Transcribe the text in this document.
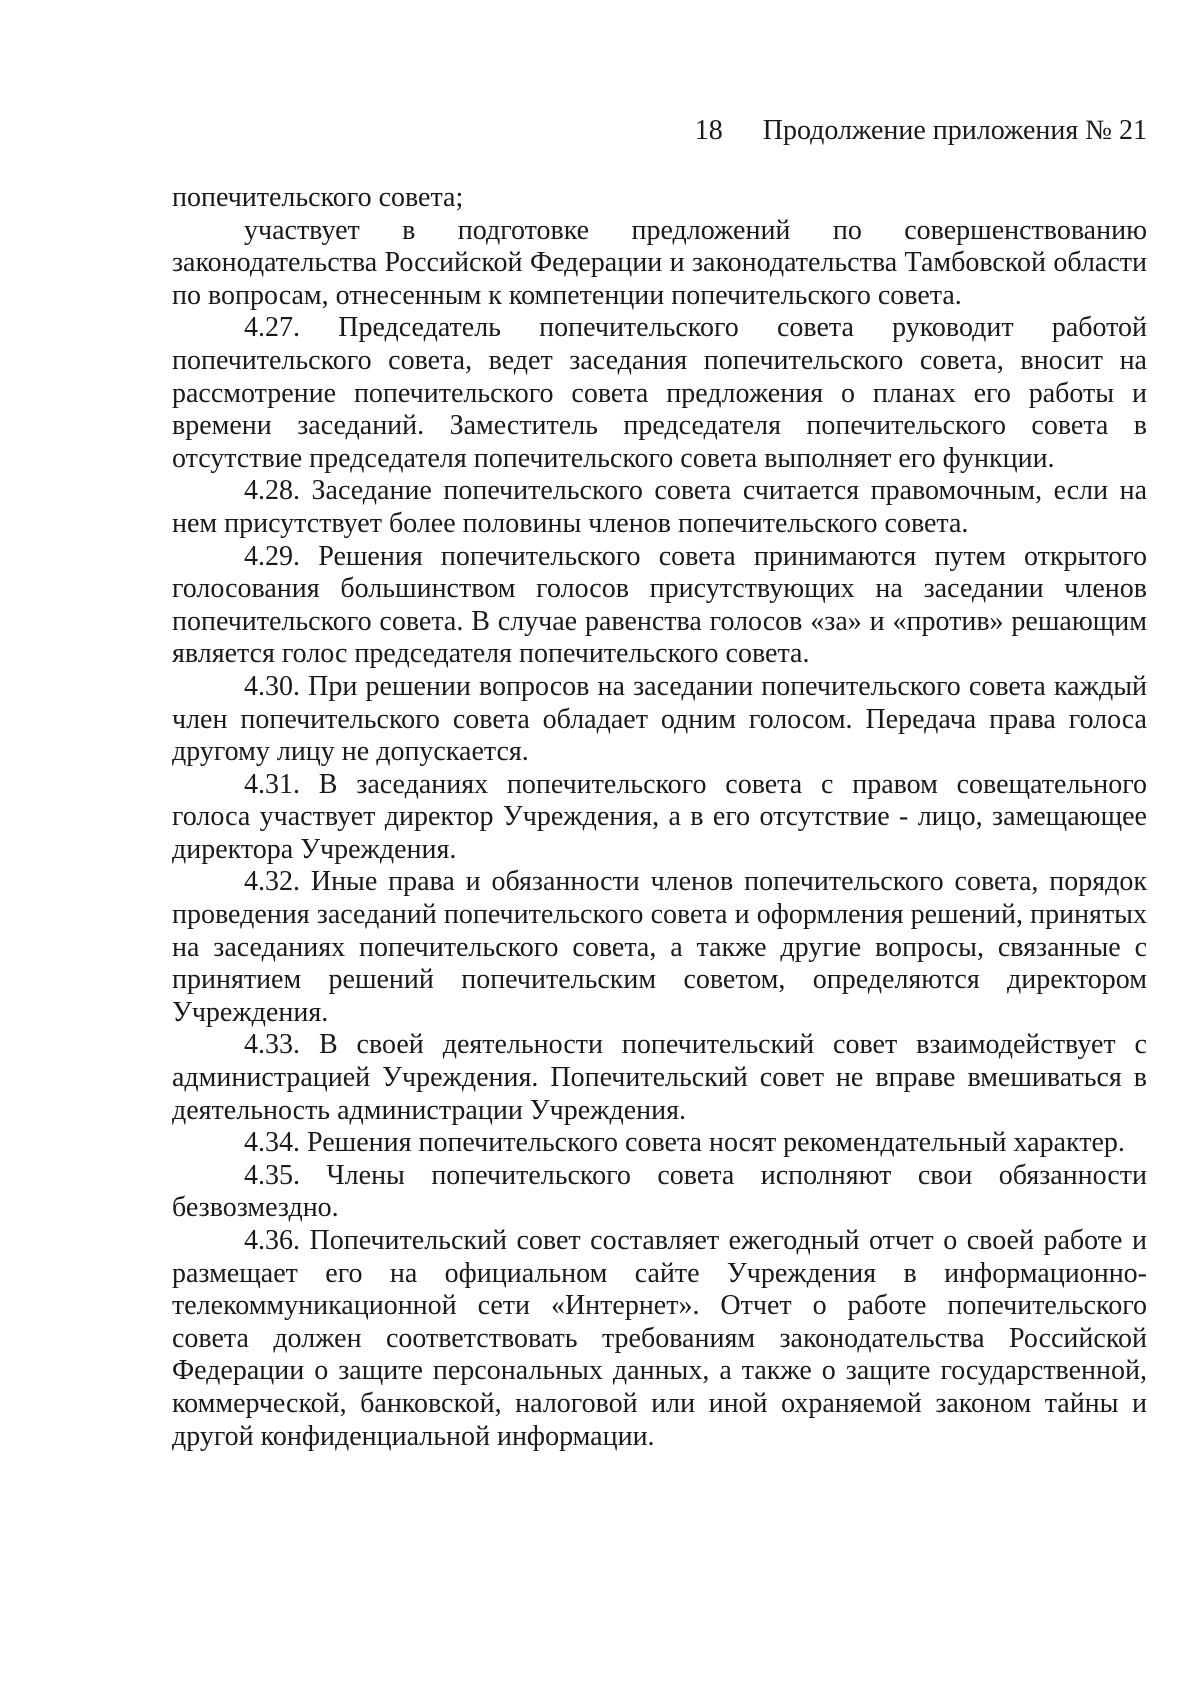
18 Продолжение приложения № 21

попечительского совета;

участвует в подготовке предложений по совершенствованию законодательства Российской Федерации и законодательства Тамбовской области по вопросам, отнесенным к компетенции попечительского совета.

4.27. Председатель попечительского совета руководит работой попечительского совета, ведет заседания попечительского совета, вносит на рассмотрение попечительского совета предложения о планах его работы и времени заседаний. Заместитель председателя попечительского совета в отсутствие председателя попечительского совета выполняет его функции.

4.28. Заседание попечительского совета считается правомочным, если на нем присутствует более половины членов попечительского совета.

4.29. Решения попечительского совета принимаются путем открытого голосования большинством голосов присутствующих на заседании членов попечительского совета. В случае равенства голосов «за» и «против» решающим является голос председателя попечительского совета.

4.30. При решении вопросов на заседании попечительского совета каждый член попечительского совета обладает одним голосом. Передача права голоса другому лицу не допускается.

4.31. В заседаниях попечительского совета с правом совещательного голоса участвует директор Учреждения, а в его отсутствие - лицо, замещающее директора Учреждения.

4.32. Иные права и обязанности членов попечительского совета, порядок проведения заседаний попечительского совета и оформления решений, принятых на заседаниях попечительского совета, а также другие вопросы, связанные с принятием решений попечительским советом, определяются директором Учреждения.

4.33. В своей деятельности попечительский совет взаимодействует с администрацией Учреждения. Попечительский совет не вправе вмешиваться в деятельность администрации Учреждения.

4.34. Решения попечительского совета носят рекомендательный характер.

4.35. Члены попечительского совета исполняют свои обязанности безвозмездно.

4.36. Попечительский совет составляет ежегодный отчет о своей работе и размещает его на официальном сайте Учреждения в информационно-телекоммуникационной сети «Интернет». Отчет о работе попечительского совета должен соответствовать требованиям законодательства Российской Федерации о защите персональных данных, а также о защите государственной, коммерческой, банковской, налоговой или иной охраняемой законом тайны и другой конфиденциальной информации.
